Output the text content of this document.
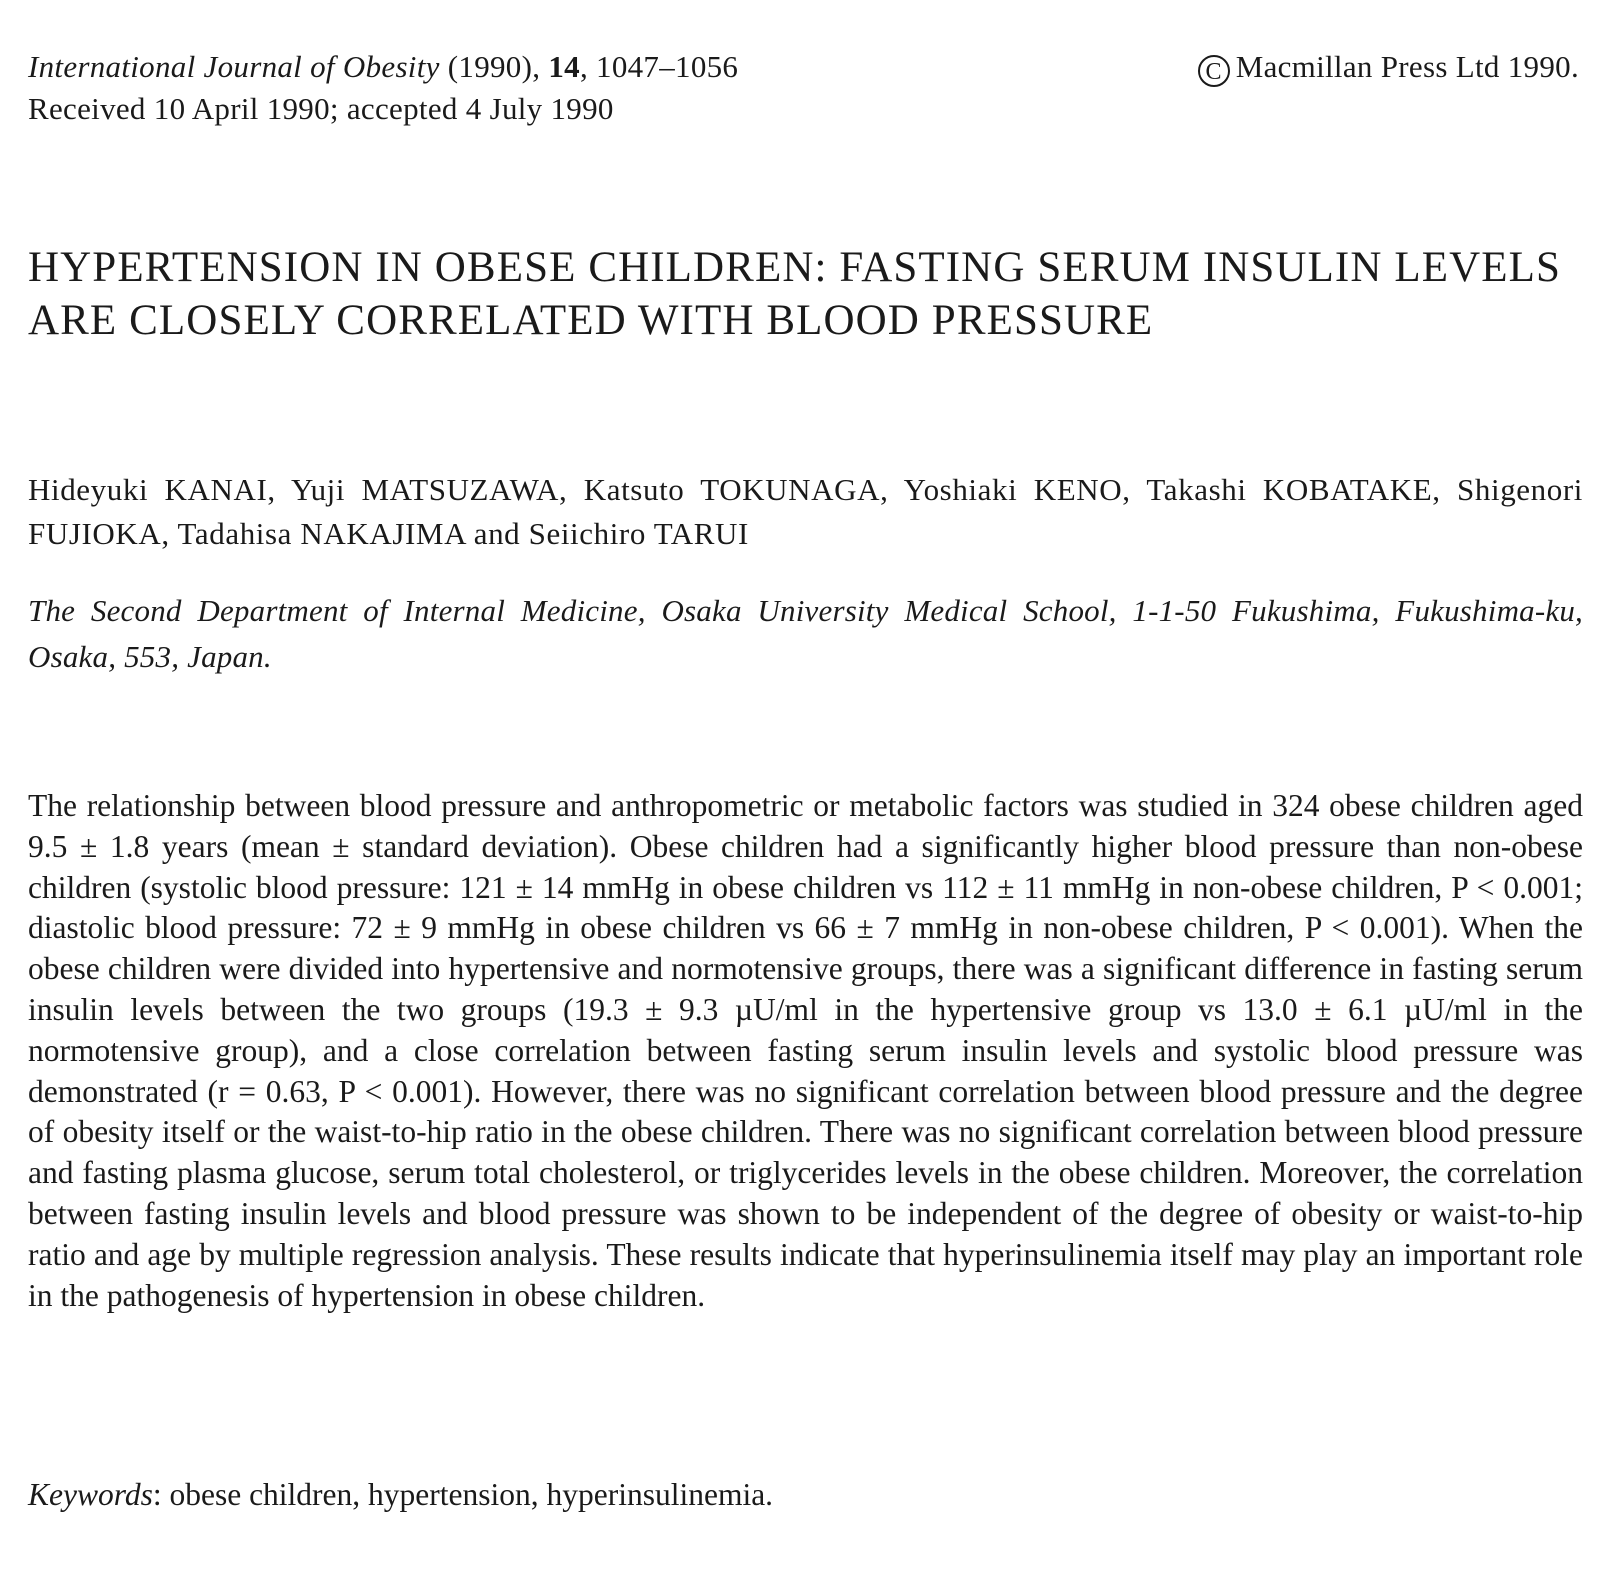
International Journal of Obesity (1990), 14, 1047–1056
Received 10 April 1990; accepted 4 July 1990
C Macmillan Press Ltd 1990.
HYPERTENSION IN OBESE CHILDREN: FASTING SERUM INSULIN LEVELS ARE CLOSELY CORRELATED WITH BLOOD PRESSURE
Hideyuki KANAI, Yuji MATSUZAWA, Katsuto TOKUNAGA, Yoshiaki KENO, Takashi KOBATAKE, Shigenori FUJIOKA, Tadahisa NAKAJIMA and Seiichiro TARUI
The Second Department of Internal Medicine, Osaka University Medical School, 1-1-50 Fukushima, Fukushima-ku, Osaka, 553, Japan.
The relationship between blood pressure and anthropometric or metabolic factors was studied in 324 obese children aged 9.5 ± 1.8 years (mean ± standard deviation). Obese children had a significantly higher blood pressure than non-obese children (systolic blood pressure: 121 ± 14 mmHg in obese children vs 112 ± 11 mmHg in non-obese children, P < 0.001; diastolic blood pressure: 72 ± 9 mmHg in obese children vs 66 ± 7 mmHg in non-obese children, P < 0.001). When the obese children were divided into hypertensive and normotensive groups, there was a significant difference in fasting serum insulin levels between the two groups (19.3 ± 9.3 µU/ml in the hypertensive group vs 13.0 ± 6.1 µU/ml in the normotensive group), and a close correlation between fasting serum insulin levels and systolic blood pressure was demonstrated (r = 0.63, P < 0.001). However, there was no significant correlation between blood pressure and the degree of obesity itself or the waist-to-hip ratio in the obese children. There was no significant correlation between blood pressure and fasting plasma glucose, serum total cholesterol, or triglycerides levels in the obese children. Moreover, the correlation between fasting insulin levels and blood pressure was shown to be independent of the degree of obesity or waist-to-hip ratio and age by multiple regression analysis. These results indicate that hyperinsulinemia itself may play an important role in the pathogenesis of hypertension in obese children.
Keywords: obese children, hypertension, hyperinsulinemia.
